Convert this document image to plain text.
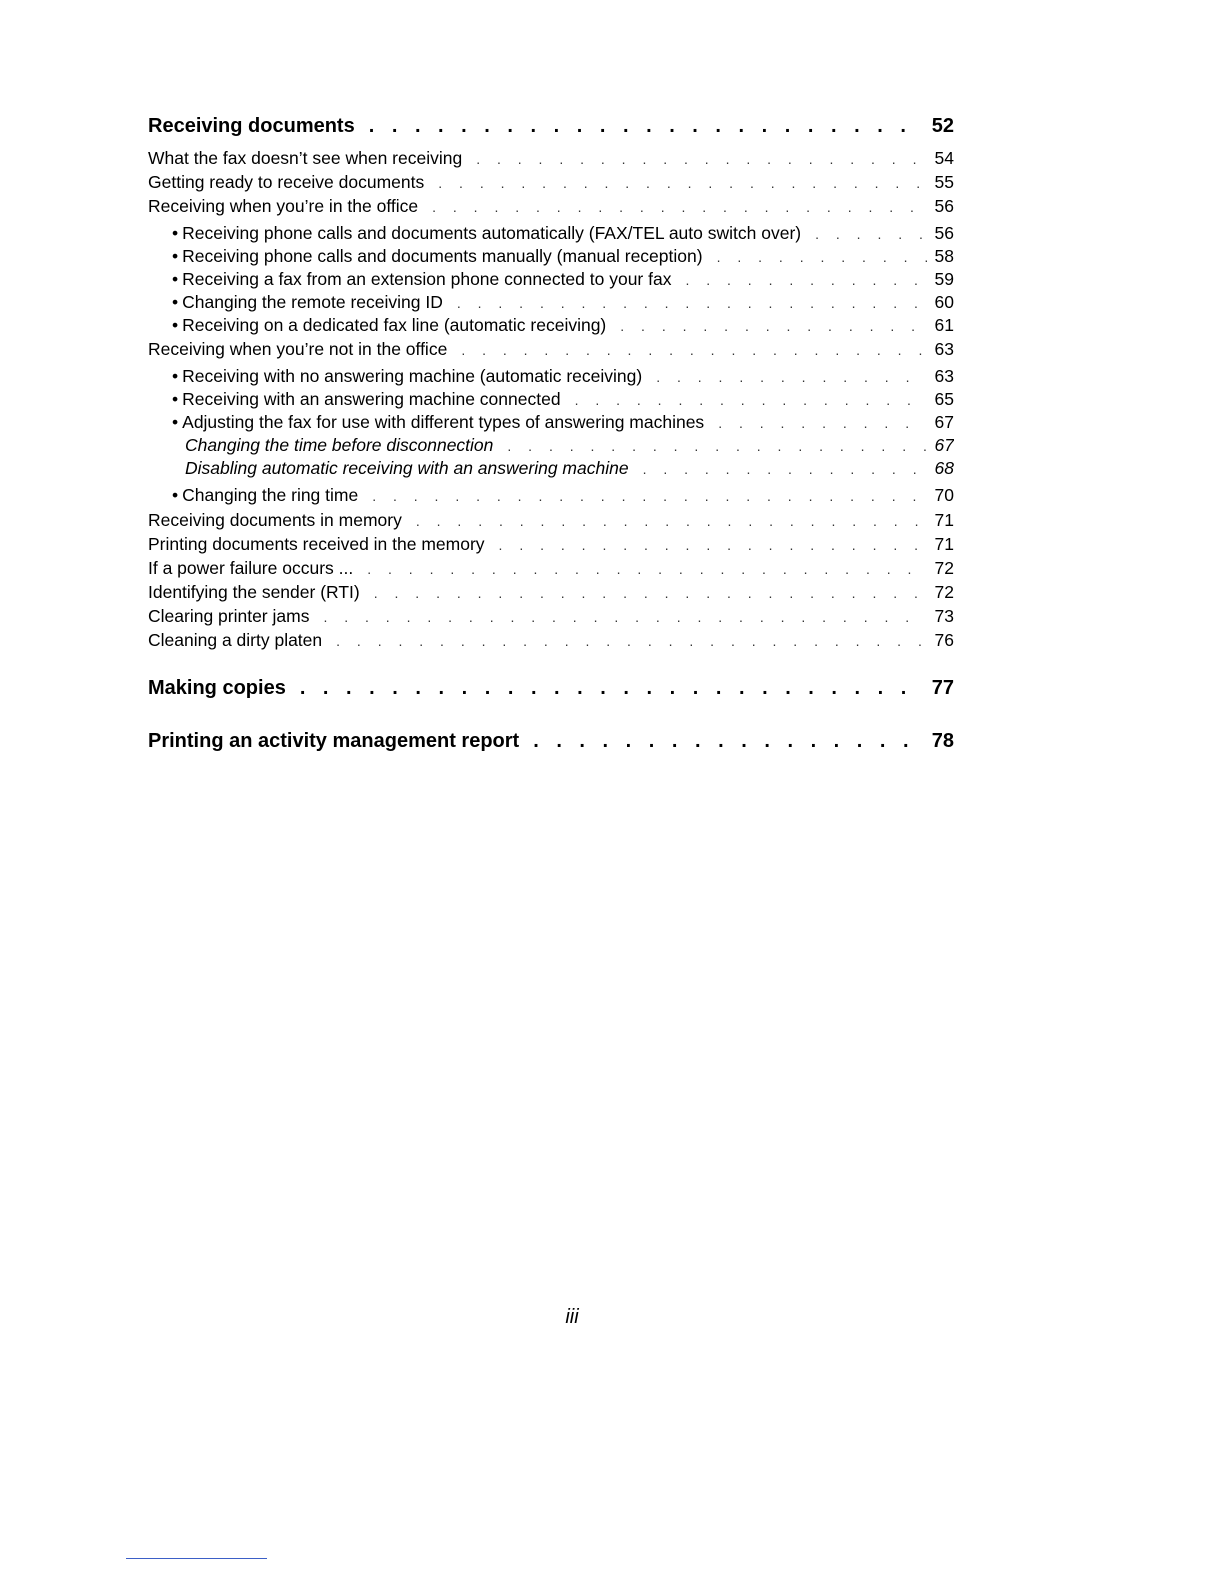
Receiving documents . . .	52
What the fax doesn’t see when receiving . . .	54
Getting ready to receive documents . . .	55
Receiving when you’re in the office . . .	56
• Receiving phone calls and documents automatically (FAX/TEL auto switch over) . . .	56
• Receiving phone calls and documents manually (manual reception) . . .	58
• Receiving a fax from an extension phone connected to your fax . . .	59
• Changing the remote receiving ID . . .	60
• Receiving on a dedicated fax line (automatic receiving) . . .	61
Receiving when you’re not in the office . . .	63
• Receiving with no answering machine (automatic receiving) . . .	63
• Receiving with an answering machine connected . . .	65
• Adjusting the fax for use with different types of answering machines . . .	67
Changing the time before disconnection . . .	67
Disabling automatic receiving with an answering machine . . .	68
• Changing the ring time . . .	70
Receiving documents in memory . . .	71
Printing documents received in the memory . . .	71
If a power failure occurs ... . . .	72
Identifying the sender (RTI) . . .	72
Clearing printer jams . . .	73
Cleaning a dirty platen . . .	76
Making copies . . .	77
Printing an activity management report . . .	78
iii
